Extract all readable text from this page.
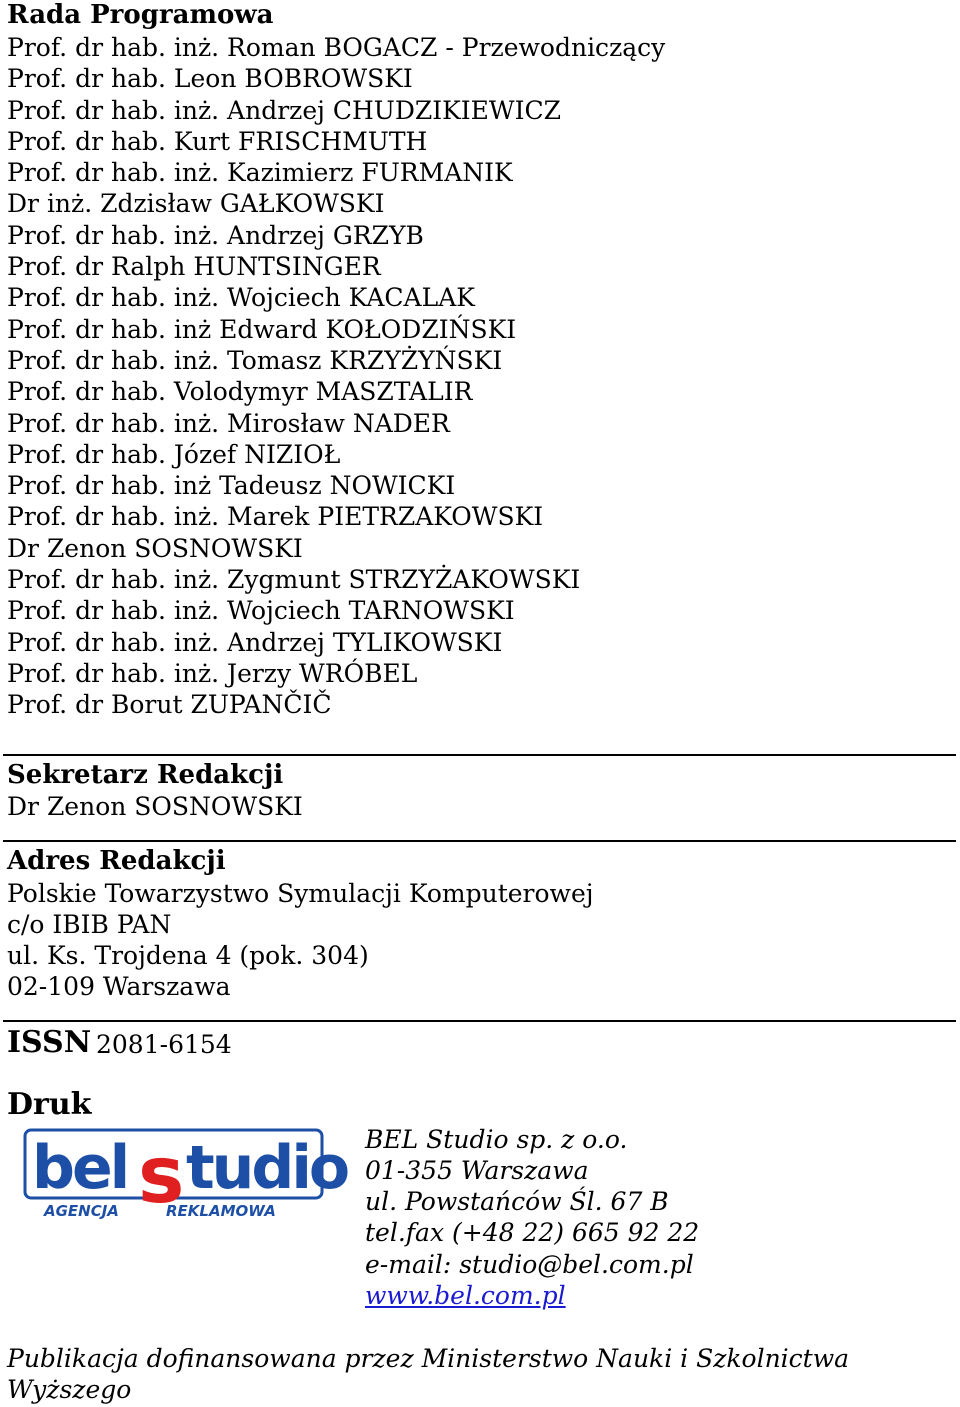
Rada Programowa
Prof. dr hab. inż. Roman BOGACZ - Przewodniczący
Prof. dr hab. Leon BOBROWSKI
Prof. dr hab. inż. Andrzej CHUDZIKIEWICZ
Prof. dr hab. Kurt FRISCHMUTH
Prof. dr hab. inż. Kazimierz FURMANIK
Dr inż. Zdzisław GAŁKOWSKI
Prof. dr hab. inż. Andrzej GRZYB
Prof. dr Ralph HUNTSINGER
Prof. dr hab. inż. Wojciech KACALAK
Prof. dr hab. inż Edward KOŁODZIŃSKI
Prof. dr hab. inż. Tomasz KRZYŻYŃSKI
Prof. dr hab. Volodymyr MASZTALIR
Prof. dr hab. inż. Mirosław NADER
Prof. dr hab. Józef NIZIOŁ
Prof. dr hab. inż Tadeusz NOWICKI
Prof. dr hab. inż. Marek PIETRZAKOWSKI
Dr Zenon SOSNOWSKI
Prof. dr hab. inż. Zygmunt STRZYŻAKOWSKI
Prof. dr hab. inż. Wojciech TARNOWSKI
Prof. dr hab. inż. Andrzej TYLIKOWSKI
Prof. dr hab. inż. Jerzy WRÓBEL
Prof. dr Borut ZUPANČIČ
Sekretarz Redakcji
Dr Zenon SOSNOWSKI
Adres Redakcji
Polskie Towarzystwo Symulacji Komputerowej
c/o IBIB PAN
ul. Ks. Trojdena 4 (pok. 304)
02-109 Warszawa
ISSN 2081-6154
Druk
bel s tudio
AGENCJA	REKLAMOWA
BEL Studio sp. z o.o.
01-355 Warszawa
ul. Powstańców Śl. 67 B
tel.fax (+48 22) 665 92 22
e-mail: studio@bel.com.pl
www.bel.com.pl
Publikacja dofinansowana przez Ministerstwo Nauki i Szkolnictwa
Wyższego
